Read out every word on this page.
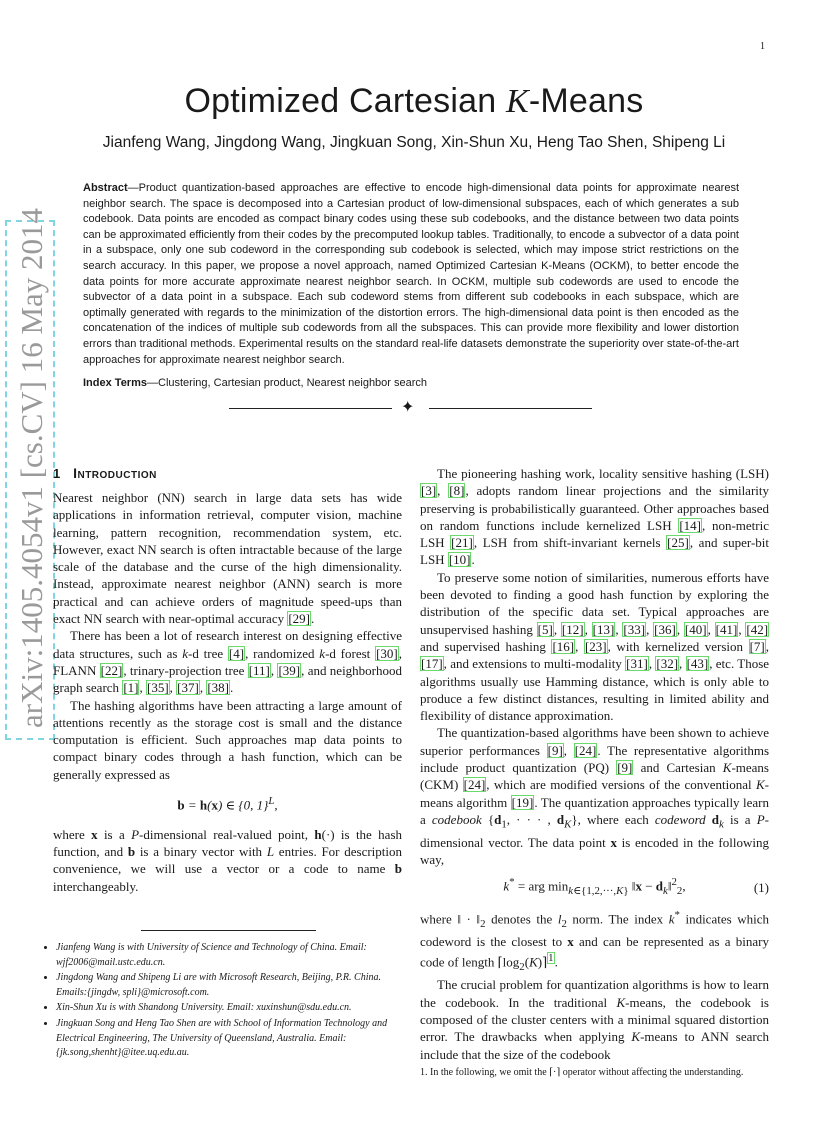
1
Optimized Cartesian K-Means
Jianfeng Wang, Jingdong Wang, Jingkuan Song, Xin-Shun Xu, Heng Tao Shen, Shipeng Li
Abstract—Product quantization-based approaches are effective to encode high-dimensional data points for approximate nearest neighbor search. The space is decomposed into a Cartesian product of low-dimensional subspaces, each of which generates a sub codebook. Data points are encoded as compact binary codes using these sub codebooks, and the distance between two data points can be approximated efficiently from their codes by the precomputed lookup tables. Traditionally, to encode a subvector of a data point in a subspace, only one sub codeword in the corresponding sub codebook is selected, which may impose strict restrictions on the search accuracy. In this paper, we propose a novel approach, named Optimized Cartesian K-Means (OCKM), to better encode the data points for more accurate approximate nearest neighbor search. In OCKM, multiple sub codewords are used to encode the subvector of a data point in a subspace. Each sub codeword stems from different sub codebooks in each subspace, which are optimally generated with regards to the minimization of the distortion errors. The high-dimensional data point is then encoded as the concatenation of the indices of multiple sub codewords from all the subspaces. This can provide more flexibility and lower distortion errors than traditional methods. Experimental results on the standard real-life datasets demonstrate the superiority over state-of-the-art approaches for approximate nearest neighbor search.
Index Terms—Clustering, Cartesian product, Nearest neighbor search
✦
arXiv:1405.4054v1 [cs.CV] 16 May 2014 1 Introduction

Nearest neighbor (NN) search in large data sets has wide applications in information retrieval, computer vision, machine learning, pattern recognition, recommendation system, etc. However, exact NN search is often intractable because of the large scale of the database and the curse of the high dimensionality. Instead, approximate nearest neighbor (ANN) search is more practical and can achieve orders of magnitude speed-ups than exact NN search with near-optimal accuracy [29].

There has been a lot of research interest on designing effective data structures, such as k-d tree [4], randomized k-d forest [30], FLANN [22], trinary-projection tree [11], [39], and neighborhood graph search [1], [35], [37], [38].

The hashing algorithms have been attracting a large amount of attentions recently as the storage cost is small and the distance computation is efficient. Such approaches map data points to compact binary codes through a hash function, which can be generally expressed as

b = h(x) ∈ {0, 1}$^L$,

where x is a P-dimensional real-valued point, h(·) is the hash function, and b is a binary vector with L entries. For description convenience, we will use a vector or a code to name b interchangeably.

• Jianfeng Wang is with University of Science and Technology of China. Email: wjf2006@mail.ustc.edu.cn.
• Jingdong Wang and Shipeng Li are with Microsoft Research, Beijing, P.R. China. Emails:{jingdw, spli}@microsoft.com.
• Xin-Shun Xu is with Shandong University. Email: xuxinshun@sdu.edu.cn.
• Jingkuan Song and Heng Tao Shen are with School of Information Technology and Electrical Engineering, The University of Queensland, Australia. Email:{jk.song,shenht}@itee.uq.edu.au.

The pioneering hashing work, locality sensitive hashing (LSH) [3], [8], adopts random linear projections and the similarity preserving is probabilistically guaranteed. Other approaches based on random functions include kernelized LSH [14], non-metric LSH [21], LSH from shift-invariant kernels [25], and super-bit LSH [10].

To preserve some notion of similarities, numerous efforts have been devoted to finding a good hash function by exploring the distribution of the specific data set. Typical approaches are unsupervised hashing [5], [12], [13], [33], [36], [40], [41], [42] and supervised hashing [16], [23], with kernelized version [7], [17], and extensions to multi-modality [31], [32], [43], etc. Those algorithms usually use Hamming distance, which is only able to produce a few distinct distances, resulting in limited ability and flexibility of distance approximation.

The quantization-based algorithms have been shown to achieve superior performances [9], [24]. The representative algorithms include product quantization (PQ) [9] and Cartesian K-means (CKM) [24], which are modified versions of the conventional K-means algorithm [19]. The quantization approaches typically learn a codebook {$d_1$, · · · , $d_K$}, where each codeword $d_k$ is a P-dimensional vector. The data point x is encoded in the following way,

k* = arg $\min_{k\in\{1,2,\cdot\cdot\cdot,K\}}$ ‖x − $d_k‖^2_2$,	(1)

where ‖ · $‖_2$ denotes the $l_2$ norm. The index k* indicates which codeword is the closest to x and can be represented as a binary code of length $⌈\log_2(K)⌉^1$.

The crucial problem for quantization algorithms is how to learn the codebook. In the traditional K-means, the codebook is composed of the cluster centers with a minimal squared distortion error. The drawbacks when applying K-means to ANN search include that the size of the codebook

1. In the following, we omit the ⌈·⌉ operator without affecting the understanding.
